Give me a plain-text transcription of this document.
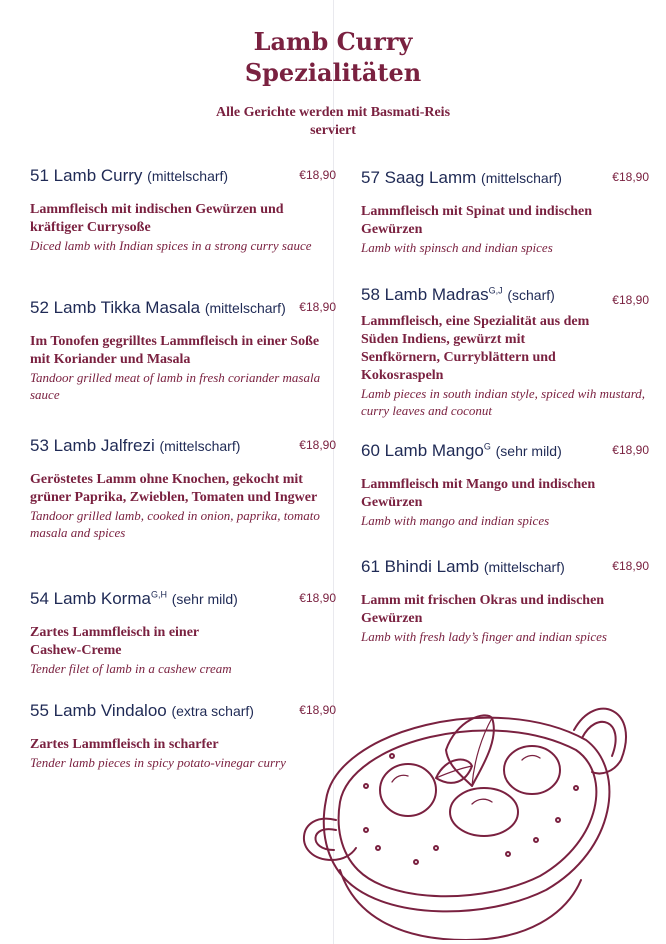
Lamb Curry
Spezialitäten
Alle Gerichte werden mit Basmati-Reis
serviert
51 Lamb Curry (mittelscharf)	€18,90
Lammfleisch mit indischen Gewürzen und kräftiger Currysoße
Diced lamb with Indian spices in a strong curry sauce
52 Lamb Tikka Masala (mittelscharf) €18,90
Im Tonofen gegrilltes Lammfleisch in einer Soße mit Koriander und Masala
Tandoor grilled meat of lamb in fresh coriander masala sauce
53 Lamb Jalfrezi (mittelscharf)	€18,90
Geröstetes Lamm ohne Knochen, gekocht mit grüner Paprika, Zwieblen, Tomaten und Ingwer
Tandoor grilled lamb, cooked in onion, paprika, tomato masala and spices
54 Lamb Korma$^{G,H}$ (sehr mild)	€18,90
Zartes Lammfleisch in einer Cashew-Creme
Tender filet of lamb in a cashew cream
55 Lamb Vindaloo (extra scharf)	€18,90
Zartes Lammfleisch in scharfer
Tender lamb pieces in spicy potato-vinegar curry
57 Saag Lamm (mittelscharf)	€18,90
Lammfleisch mit Spinat und indischen Gewürzen
Lamb with spinsch and indian spices
58 Lamb Madras$^{G,J}$ (scharf)	€18,90
Lammfleisch, eine Spezialität aus dem Süden Indiens, gewürzt mit Senfkörnern, Curryblättern und Kokosraspeln
Lamb pieces in south indian style, spiced wih mustard, curry leaves and coconut
60 Lamb Mango$^G$ (sehr mild)	€18,90
Lammfleisch mit Mango und indischen Gewürzen
Lamb with mango and indian spices
61 Bhindi Lamb (mittelscharf)	€18,90
Lamm mit frischen Okras und indischen Gewürzen
Lamb with fresh lady’s finger and indian spices
